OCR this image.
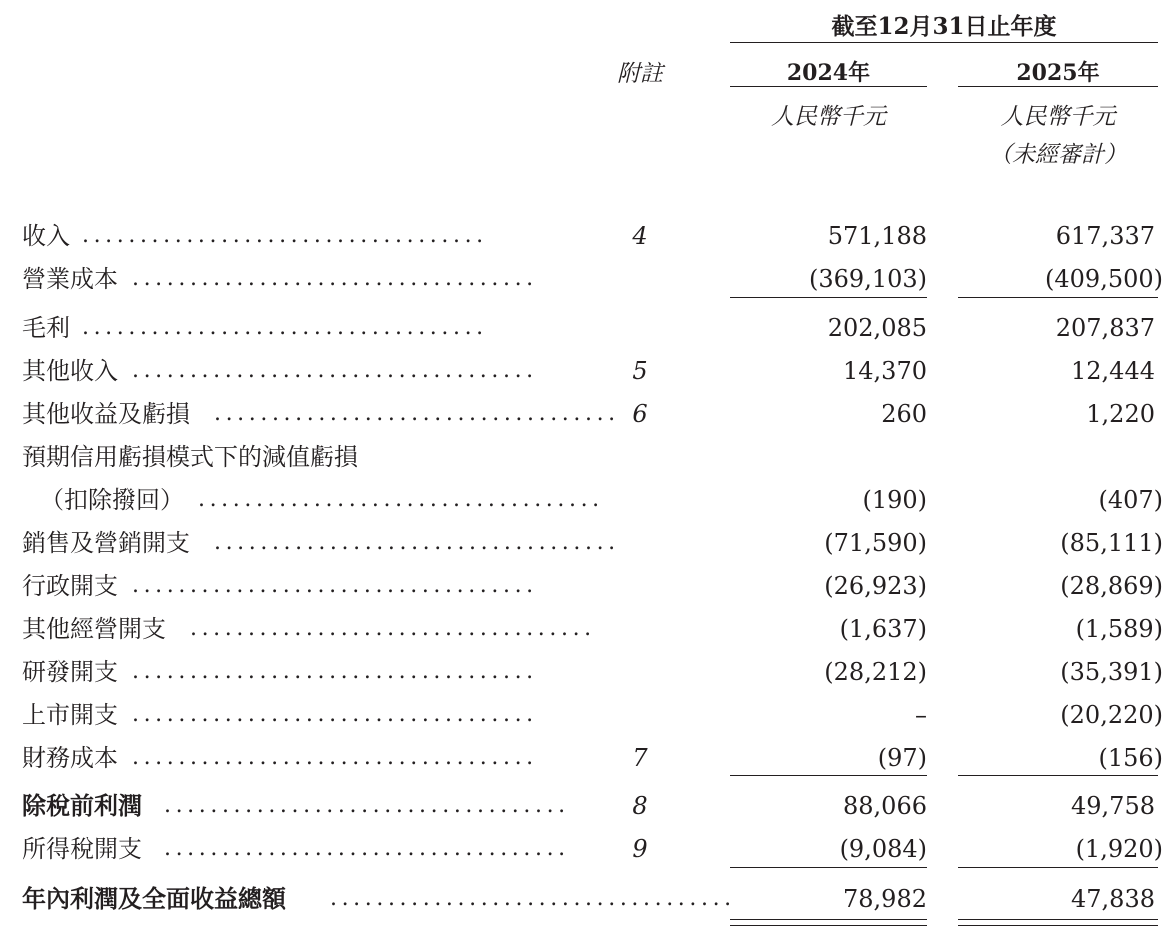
截至12月31日止年度
附註	2024年	2025年
人民幣千元	人民幣千元
（未經審計）
收入 ...................................	4	571,188	617,337
營業成本 ...................................	(369,103)	(409,500)
毛利 ...................................	202,085	207,837
其他收入 ...................................	5	14,370	12,444
其他收益及虧損 ................................... 6	260	1,220
預期信用虧損模式下的減值虧損
（扣除撥回） ...................................	(190)	(407)
銷售及營銷開支 ...................................	(71,590)	(85,111)
行政開支 ...................................	(26,923)	(28,869)
其他經營開支 ...................................	(1,637)	(1,589)
研發開支 ...................................	(28,212)	(35,391)
上市開支 ...................................	–	(20,220)
財務成本 ...................................	7	(97)	(156)
除稅前利潤 ...................................	8	88,066	49,758
所得稅開支 ...................................	9	(9,084)	(1,920)
年內利潤及全面收益總額 ...................................	78,982	47,838
